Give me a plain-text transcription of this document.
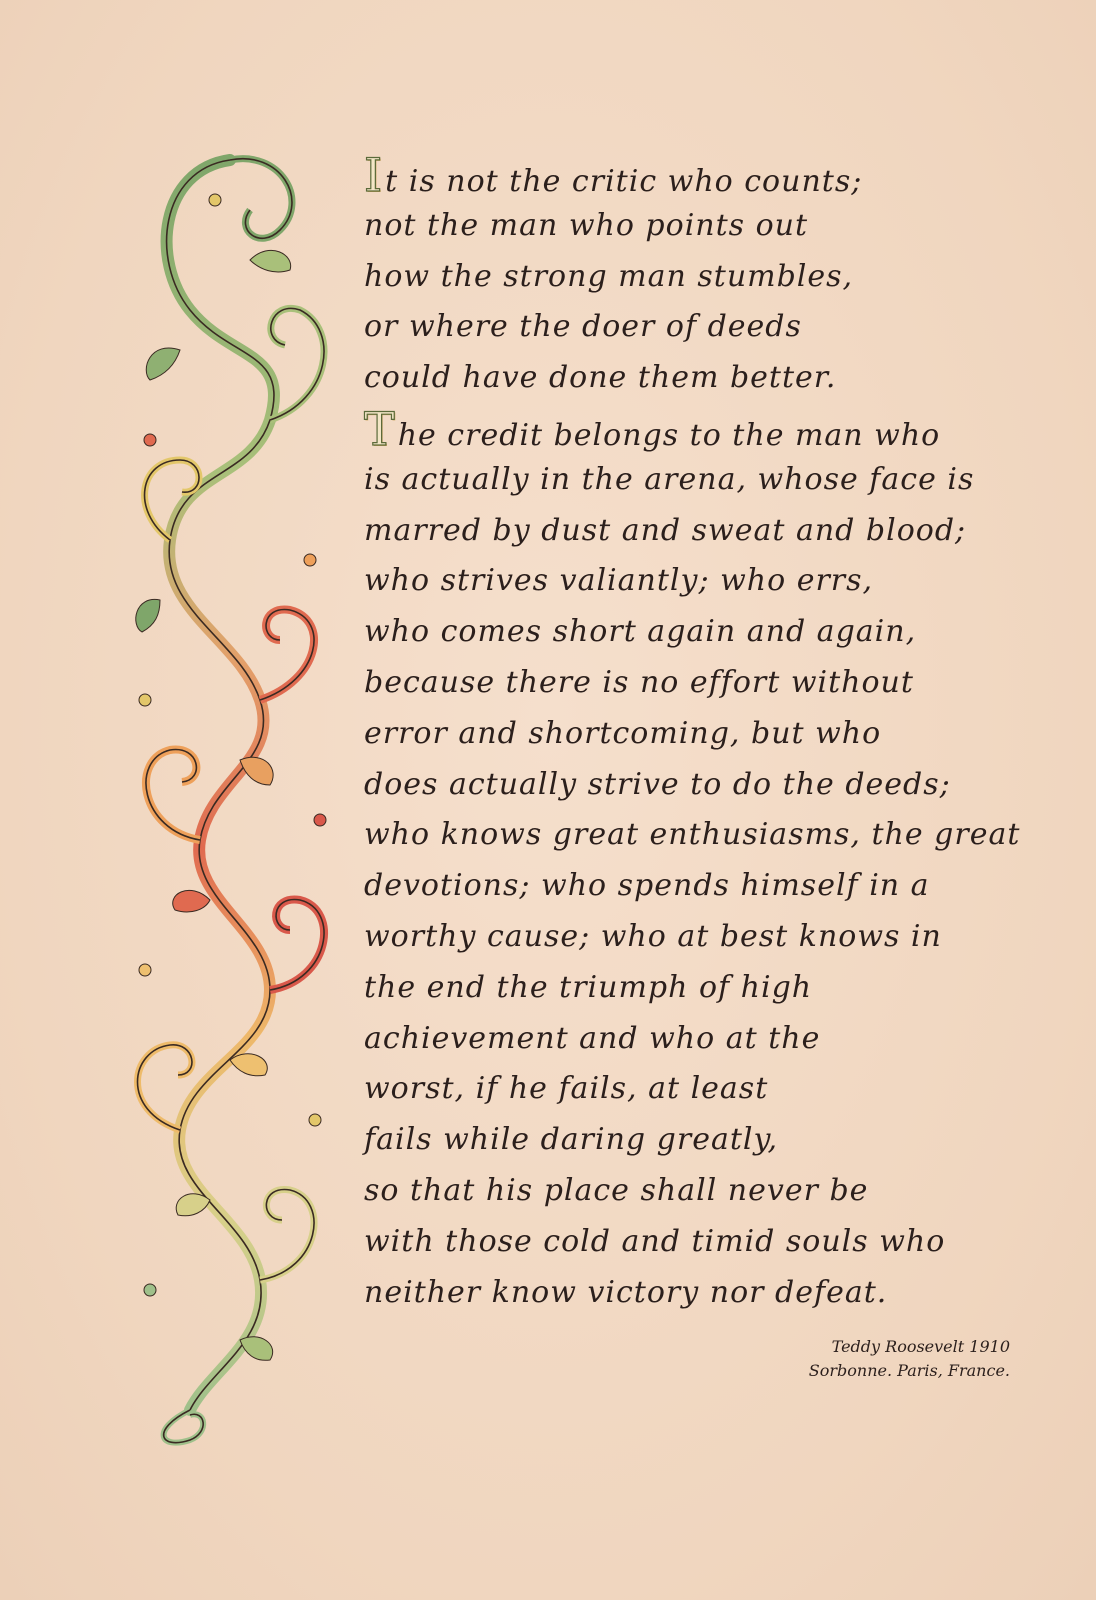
It is not the critic who counts;
not the man who points out
how the strong man stumbles,
or where the doer of deeds
could have done them better.
The credit belongs to the man who
is actually in the arena, whose face is
marred by dust and sweat and blood;
who strives valiantly; who errs,
who comes short again and again,
because there is no effort without
error and shortcoming, but who
does actually strive to do the deeds;
who knows great enthusiasms, the great
devotions; who spends himself in a
worthy cause; who at best knows in
the end the triumph of high
achievement and who at the
worst, if he fails, at least
fails while daring greatly,
so that his place shall never be
with those cold and timid souls who
neither know victory nor defeat.
Teddy Roosevelt 1910
Sorbonne. Paris, France.
